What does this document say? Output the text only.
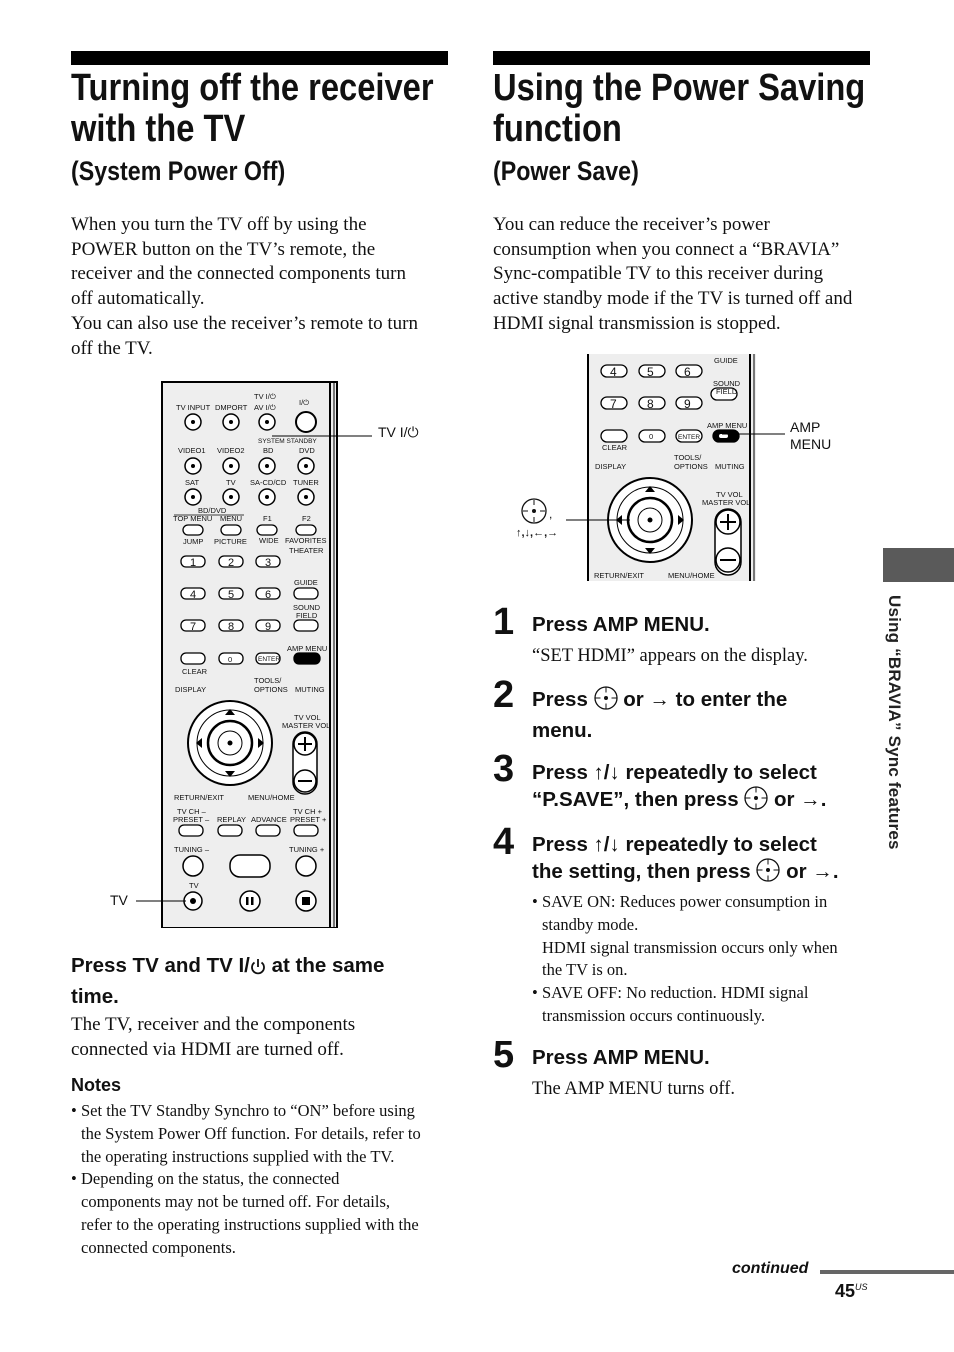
Turning off the receiver
with the TV
(System Power Off)
When you turn the TV off by using the
POWER button on the TV’s remote, the
receiver and the connected components turn
off automatically.
You can also use the receiver’s remote to turn
off the TV.
TV INPUT DMPORT
TV I/⏻
AV I/⏻
I/⏻
SYSTEM STANDBY
VIDEO1 VIDEO2 BD	DVD
SAT	TV SA-CD/CD TUNER
BD/DVD
TOP MENU MENU	F1	F2
JUMP PICTURE WIDE FAVORITES
THEATER
1	2	3
4	5	6
7	8	9
0	ENTER
GUIDE
SOUND
FIELD
AMP MENU
CLEAR
TOOLS/
OPTIONS
DISPLAY	MUTING
TV VOL
MASTER VOL
RETURN/EXIT	MENU/HOME
TV CH –
PRESET – REPLAY ADVANCE
TV CH +
PRESET +
TUNING –	TUNING +
TV
TV I/⏻
TV
Press TV and TV I/ at the same
time.
The TV, receiver and the components
connected via HDMI are turned off.
Notes
• Set the TV Standby Synchro to “ON” before using
the System Power Off function. For details, refer to
the operating instructions supplied with the TV.
• Depending on the status, the connected
components may not be turned off. For details,
refer to the operating instructions supplied with the
connected components.
Using the Power Saving
function
(Power Save)
You can reduce the receiver’s power
consumption when you connect a “BRAVIA”
Sync-compatible TV to this receiver during
active standby mode if the TV is turned off and
HDMI signal transmission is stopped.
4	5	6
7	8	9
0	ENTER
GUIDE
SOUND
FIELD
AMP MENU
CLEAR
TOOLS/
OPTIONS
DISPLAY	MUTING
TV VOL
MASTER VOL
RETURN/EXIT	MENU/HOME
,
↑,↓,←,→
AMP
MENU
1 Press AMP MENU.
“SET HDMI” appears on the display.
2 Press or → to enter the
menu.
3 Press ↑/↓ repeatedly to select
“P.SAVE”, then press or →.
4 Press ↑/↓ repeatedly to select
the setting, then press or →.
• SAVE ON: Reduces power consumption in
standby mode.
HDMI signal transmission occurs only when
the TV is on.
• SAVE OFF: No reduction. HDMI signal
transmission occurs continuously.
5 Press AMP MENU.
The AMP MENU turns off.
Using “BRAVIA” Sync features
continued
$45^{US}$
